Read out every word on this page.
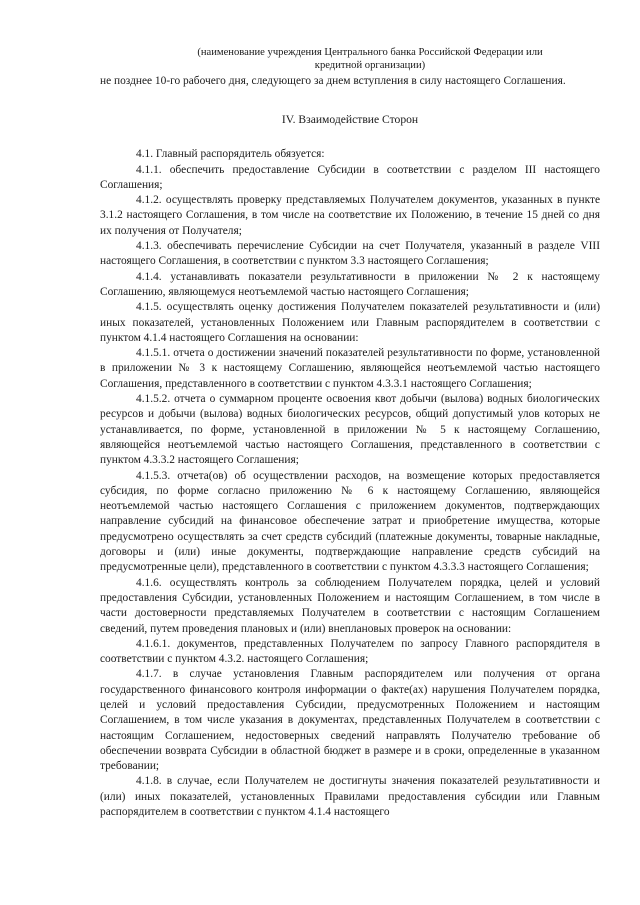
(наименование учреждения Центрального банка Российской Федерации или
кредитной организации)

не позднее 10-го рабочего дня, следующего за днем вступления в силу настоящего Соглашения.

IV. Взаимодействие Сторон

4.1. Главный распорядитель обязуется:

4.1.1. обеспечить предоставление Субсидии в соответствии с разделом III настоящего Соглашения;

4.1.2. осуществлять проверку представляемых Получателем документов, указанных в пункте 3.1.2 настоящего Соглашения, в том числе на соответствие их Положению, в течение 15 дней со дня их получения от Получателя;

4.1.3. обеспечивать перечисление Субсидии на счет Получателя, указанный в разделе VIII настоящего Соглашения, в соответствии с пунктом 3.3 настоящего Соглашения;

4.1.4. устанавливать показатели результативности в приложении № 2 к настоящему Соглашению, являющемуся неотъемлемой частью настоящего Соглашения;

4.1.5. осуществлять оценку достижения Получателем показателей результативности и (или) иных показателей, установленных Положением или Главным распорядителем в соответствии с пунктом 4.1.4 настоящего Соглашения на основании:

4.1.5.1. отчета о достижении значений показателей результативности по форме, установленной в приложении № 3 к настоящему Соглашению, являющейся неотъемлемой частью настоящего Соглашения, представленного в соответствии с пунктом 4.3.3.1 настоящего Соглашения;

4.1.5.2. отчета о суммарном проценте освоения квот добычи (вылова) водных биологических ресурсов и добычи (вылова) водных биологических ресурсов, общий допустимый улов которых не устанавливается, по форме, установленной в приложении № 5 к настоящему Соглашению, являющейся неотъемлемой частью настоящего Соглашения, представленного в соответствии с пунктом 4.3.3.2 настоящего Соглашения;

4.1.5.3. отчета(ов) об осуществлении расходов, на возмещение которых предоставляется субсидия, по форме согласно приложению № 6 к настоящему Соглашению, являющейся неотъемлемой частью настоящего Соглашения с приложением документов, подтверждающих направление субсидий на финансовое обеспечение затрат и приобретение имущества, которые предусмотрено осуществлять за счет средств субсидий (платежные документы, товарные накладные, договоры и (или) иные документы, подтверждающие направление средств субсидий на предусмотренные цели), представленного в соответствии с пунктом 4.3.3.3 настоящего Соглашения;

4.1.6. осуществлять контроль за соблюдением Получателем порядка, целей и условий предоставления Субсидии, установленных Положением и настоящим Соглашением, в том числе в части достоверности представляемых Получателем в соответствии с настоящим Соглашением сведений, путем проведения плановых и (или) внеплановых проверок на основании:

4.1.6.1. документов, представленных Получателем по запросу Главного распорядителя в соответствии с пунктом 4.3.2. настоящего Соглашения;

4.1.7. в случае установления Главным распорядителем или получения от органа государственного финансового контроля информации о факте(ах) нарушения Получателем порядка, целей и условий предоставления Субсидии, предусмотренных Положением и настоящим Соглашением, в том числе указания в документах, представленных Получателем в соответствии с настоящим Соглашением, недостоверных сведений направлять Получателю требование об обеспечении возврата Субсидии в областной бюджет в размере и в сроки, определенные в указанном требовании;

4.1.8. в случае, если Получателем не достигнуты значения показателей результативности и (или) иных показателей, установленных Правилами предоставления субсидии или Главным распорядителем в соответствии с пунктом 4.1.4 настоящего
